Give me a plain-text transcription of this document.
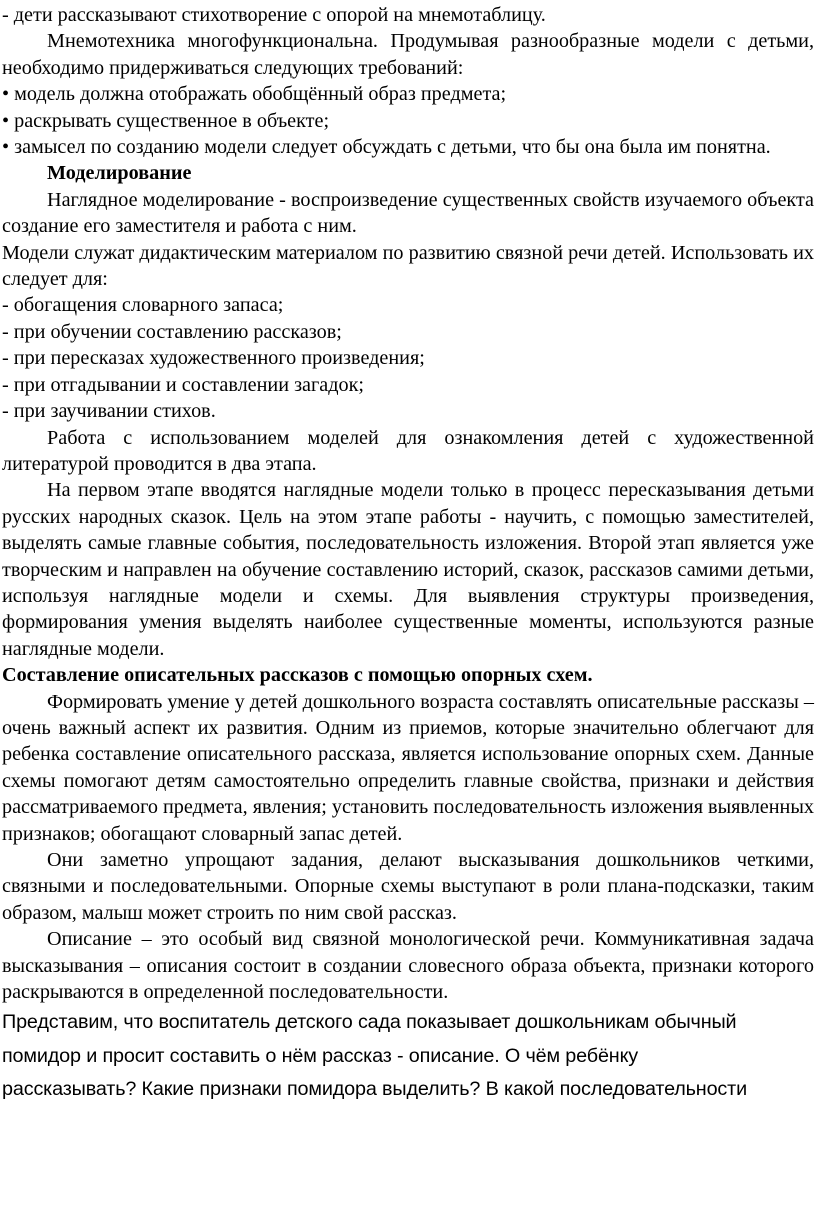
- дети рассказывают стихотворение с опорой на мнемотаблицу.

Мнемотехника многофункциональна. Продумывая разнообразные модели с детьми, необходимо придерживаться следующих требований:

• модель должна отображать обобщённый образ предмета;

• раскрывать существенное в объекте;

• замысел по созданию модели следует обсуждать с детьми, что бы она была им понятна.

Моделирование

Наглядное моделирование - воспроизведение существенных свойств изучаемого объекта создание его заместителя и работа с ним.

Модели служат дидактическим материалом по развитию связной речи детей. Использовать их следует для:

- обогащения словарного запаса;

- при обучении составлению рассказов;

- при пересказах художественного произведения;

- при отгадывании и составлении загадок;

- при заучивании стихов.

Работа с использованием моделей для ознакомления детей с художественной литературой проводится в два этапа.

На первом этапе вводятся наглядные модели только в процесс пересказывания детьми русских народных сказок. Цель на этом этапе работы - научить, с помощью заместителей, выделять самые главные события, последовательность изложения. Второй этап является уже творческим и направлен на обучение составлению историй, сказок, рассказов самими детьми, используя наглядные модели и схемы. Для выявления структуры произведения, формирования умения выделять наиболее существенные моменты, используются разные наглядные модели.

Составление описательных рассказов с помощью опорных схем.

Формировать умение у детей дошкольного возраста составлять описательные рассказы – очень важный аспект их развития. Одним из приемов, которые значительно облегчают для ребенка составление описательного рассказа, является использование опорных схем. Данные схемы помогают детям самостоятельно определить главные свойства, признаки и действия рассматриваемого предмета, явления; установить последовательность изложения выявленных признаков; обогащают словарный запас детей.

Они заметно упрощают задания, делают высказывания дошкольников четкими, связными и последовательными. Опорные схемы выступают в роли плана-подсказки, таким образом, малыш может строить по ним свой рассказ.

Описание – это особый вид связной монологической речи. Коммуникативная задача высказывания – описания состоит в создании словесного образа объекта, признаки которого раскрываются в определенной последовательности.

Представим, что воспитатель детского сада показывает дошкольникам обычный

помидор и просит составить о нём рассказ - описание. О чём ребёнку

рассказывать? Какие признаки помидора выделить? В какой последовательности
